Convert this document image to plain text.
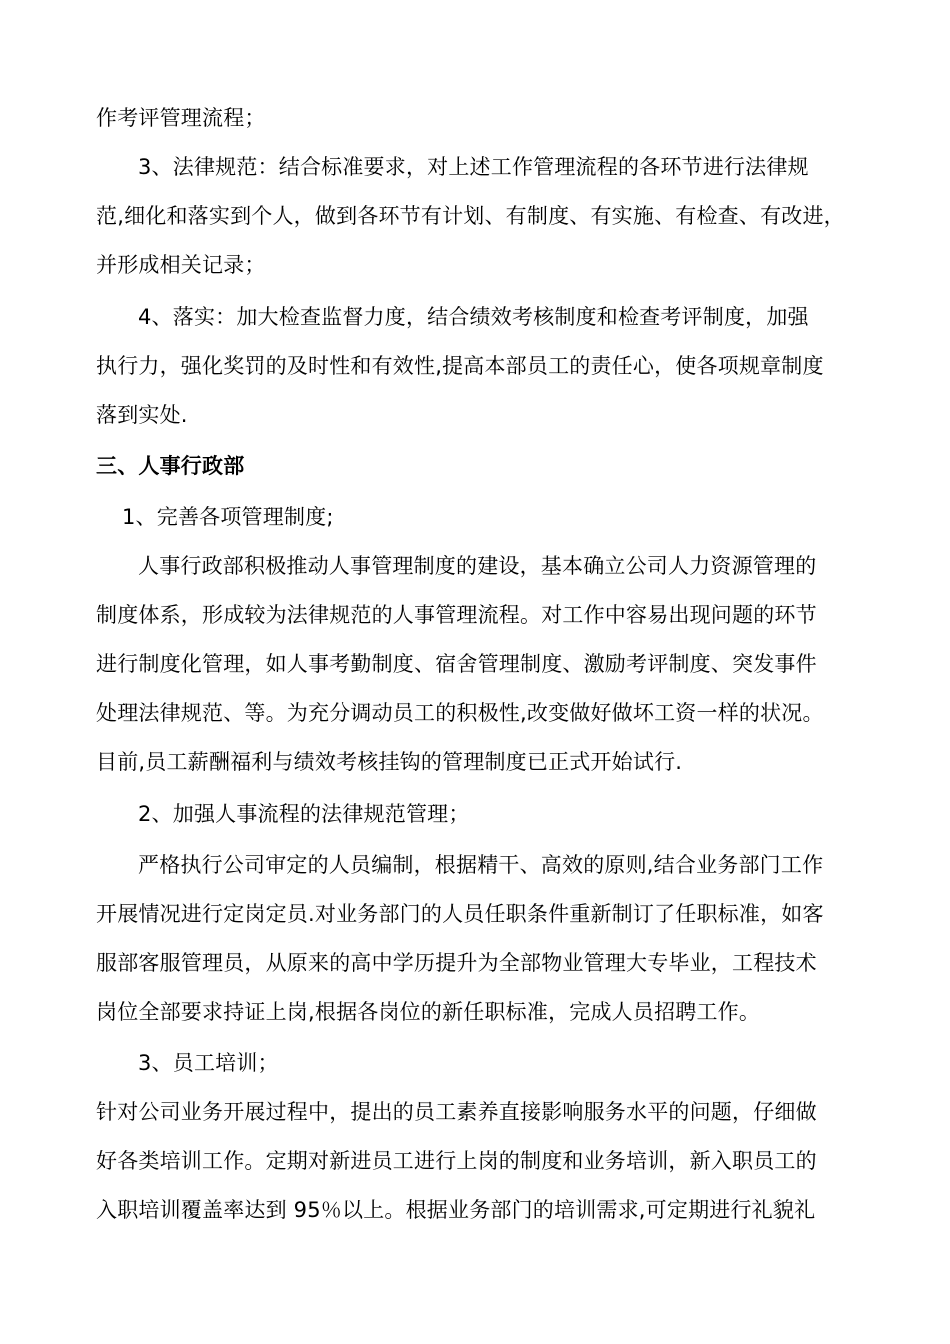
作考评管理流程；
3、法律规范：结合标准要求，对上述工作管理流程的各环节进行法律规
范,细化和落实到个人，做到各环节有计划、有制度、有实施、有检查、有改进，
并形成相关记录；
4、落实：加大检查监督力度，结合绩效考核制度和检查考评制度，加强
执行力，强化奖罚的及时性和有效性,提高本部员工的责任心，使各项规章制度
落到实处.
三、人事行政部
1、完善各项管理制度;
人事行政部积极推动人事管理制度的建设，基本确立公司人力资源管理的
制度体系，形成较为法律规范的人事管理流程。对工作中容易出现问题的环节
进行制度化管理，如人事考勤制度、宿舍管理制度、激励考评制度、突发事件
处理法律规范、等。为充分调动员工的积极性,改变做好做坏工资一样的状况。
目前,员工薪酬福利与绩效考核挂钩的管理制度已正式开始试行.
2、加强人事流程的法律规范管理；
严格执行公司审定的人员编制，根据精干、高效的原则,结合业务部门工作
开展情况进行定岗定员.对业务部门的人员任职条件重新制订了任职标准，如客
服部客服管理员，从原来的高中学历提升为全部物业管理大专毕业，工程技术
岗位全部要求持证上岗,根据各岗位的新任职标准，完成人员招聘工作。
3、员工培训；
针对公司业务开展过程中，提出的员工素养直接影响服务水平的问题，仔细做
好各类培训工作。定期对新进员工进行上岗的制度和业务培训，新入职员工的
入职培训覆盖率达到 95％以上。根据业务部门的培训需求,可定期进行礼貌礼
